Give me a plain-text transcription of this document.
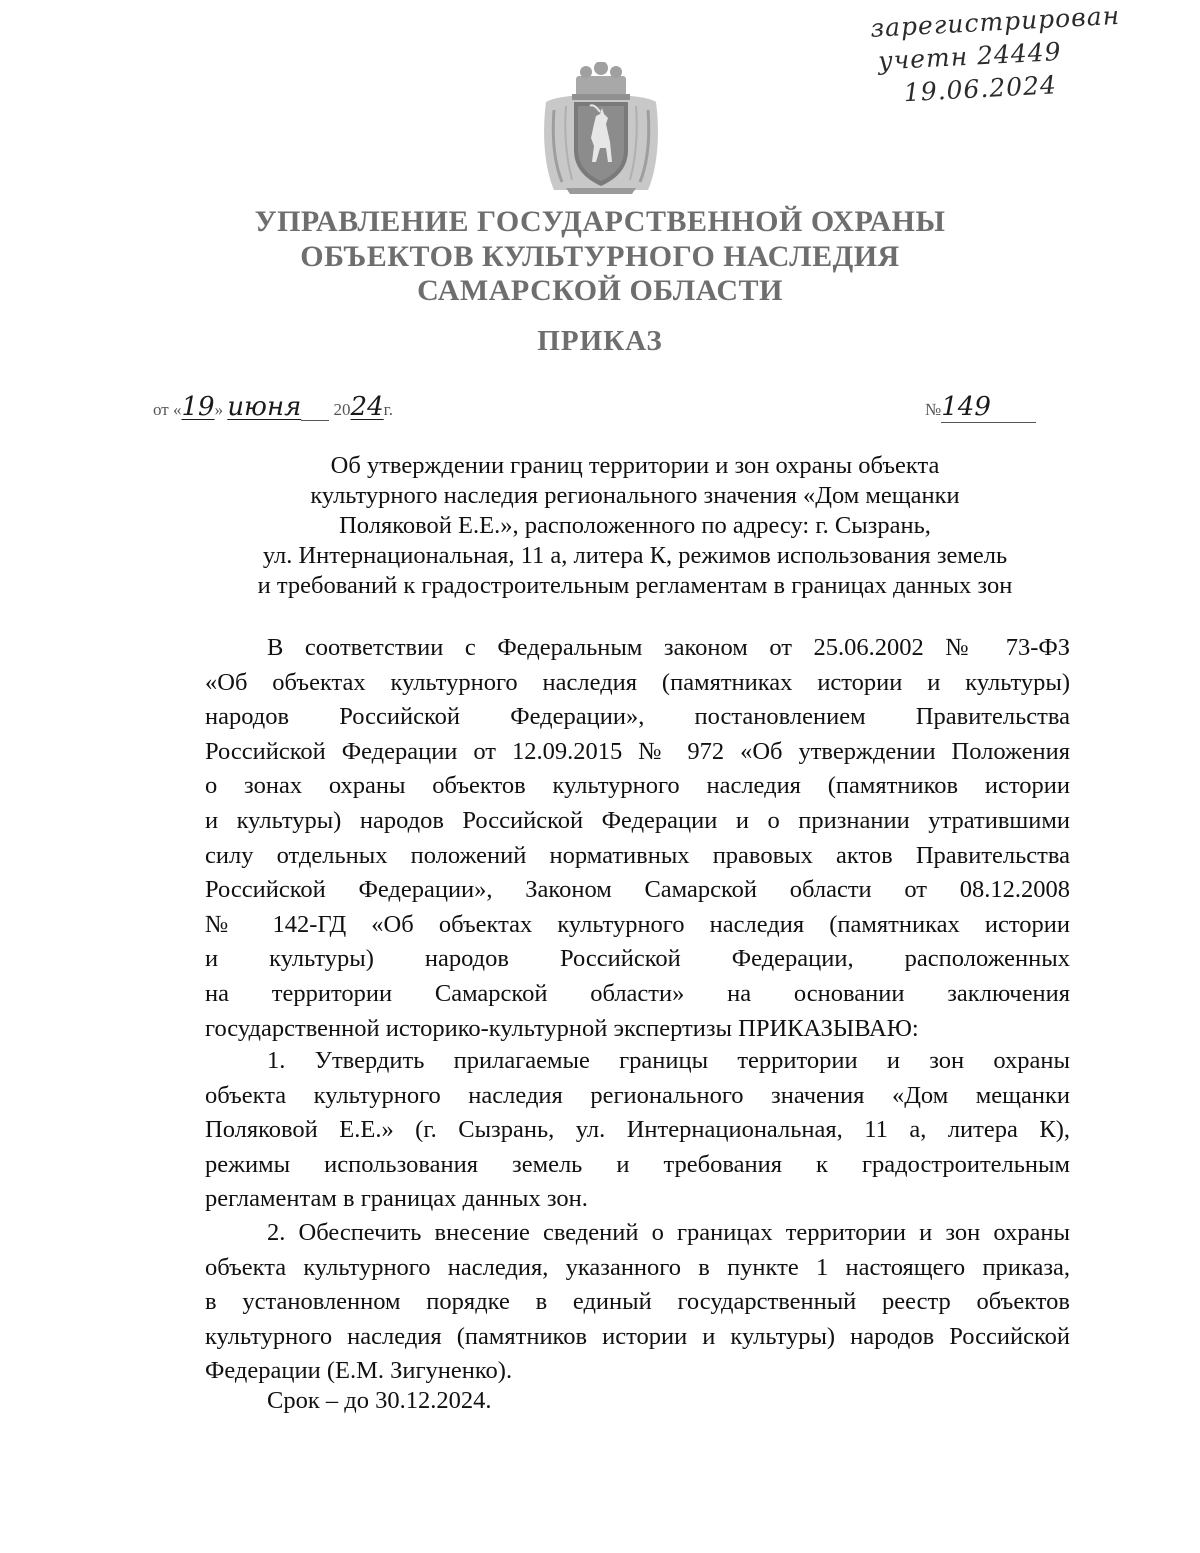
зарегистрирован
учетн 24449
19.06.2024
УПРАВЛЕНИЕ ГОСУДАРСТВЕННОЙ ОХРАНЫ
ОБЪЕКТОВ КУЛЬТУРНОГО НАСЛЕДИЯ
САМАРСКОЙ ОБЛАСТИ
ПРИКАЗ
от «19» июня 2024г.	№149
Об утверждении границ территории и зон охраны объекта
культурного наследия регионального значения «Дом мещанки
Поляковой Е.Е.», расположенного по адресу: г. Сызрань,
ул. Интернациональная, 11 а, литера К, режимов использования земель
и требований к градостроительным регламентам в границах данных зон
В соответствии с Федеральным законом от 25.06.2002 № 73-ФЗ
«Об объектах культурного наследия (памятниках истории и культуры)
народов Российской Федерации», постановлением Правительства
Российской Федерации от 12.09.2015 № 972 «Об утверждении Положения
о зонах охраны объектов культурного наследия (памятников истории
и культуры) народов Российской Федерации и о признании утратившими
силу отдельных положений нормативных правовых актов Правительства
Российской Федерации», Законом Самарской области от 08.12.2008
№ 142-ГД «Об объектах культурного наследия (памятниках истории
и культуры) народов Российской Федерации, расположенных
на территории Самарской области» на основании заключения
государственной историко-культурной экспертизы ПРИКАЗЫВАЮ:
1. Утвердить прилагаемые границы территории и зон охраны
объекта культурного наследия регионального значения «Дом мещанки
Поляковой Е.Е.» (г. Сызрань, ул. Интернациональная, 11 а, литера К),
режимы использования земель и требования к градостроительным
регламентам в границах данных зон.
2. Обеспечить внесение сведений о границах территории и зон охраны
объекта культурного наследия, указанного в пункте 1 настоящего приказа,
в установленном порядке в единый государственный реестр объектов
культурного наследия (памятников истории и культуры) народов Российской
Федерации (Е.М. Зигуненко).
Срок – до 30.12.2024.
